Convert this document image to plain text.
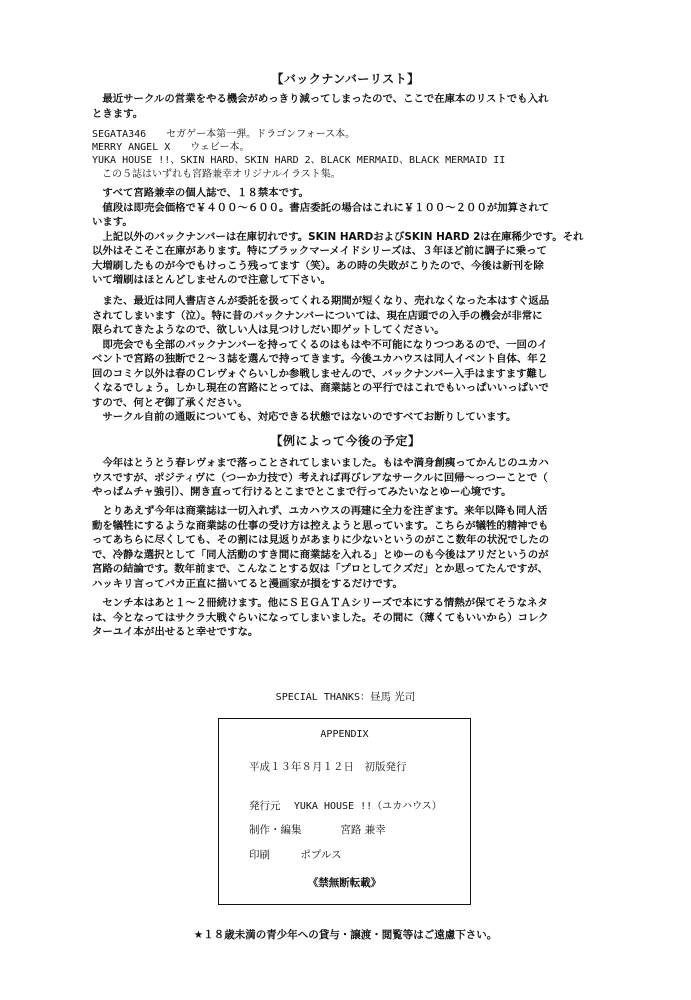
【バックナンバーリスト】
　最近サークルの営業をやる機会がめっきり減ってしまったので、ここで在庫本のリストでも入れ
ときます。
SEGATA346　　セガゲー本第一弾。ドラゴンフォース本。
MERRY ANGEL X　　ウェビー本。
YUKA HOUSE !!、SKIN HARD、SKIN HARD 2、BLACK MERMAID、BLACK MERMAID II
　この５誌はいずれも宮路兼幸オリジナルイラスト集。
　すべて宮路兼幸の個人誌で、１８禁本です。
　値段は即売会価格で￥４００～６００。書店委託の場合はこれに￥１００～２００が加算されて
います。
　上記以外のバックナンバーは在庫切れです。SKIN HARDおよびSKIN HARD 2は在庫稀少です。それ
以外はそこそこ在庫があります。特にブラックマーメイドシリーズは、３年ほど前に調子に乗って
大増刷したものが今でもけっこう残ってます（笑）。あの時の失敗がこりたので、今後は新刊を除
いて増刷はほとんどしませんので注意して下さい。
　また、最近は同人書店さんが委託を扱ってくれる期間が短くなり、売れなくなった本はすぐ返品
されてしまいます（泣）。特に昔のバックナンバーについては、現在店頭での入手の機会が非常に
限られてきたようなので、欲しい人は見つけしだい即ゲットしてください。
　即売会でも全部のバックナンバーを持ってくるのはもはや不可能になりつつあるので、一回のイ
ベントで宮路の独断で２～３誌を選んで持ってきます。今後ユカハウスは同人イベント自体、年２
回のコミケ以外は春のＣレヴォぐらいしか参戦しませんので、バックナンバー入手はますます難し
くなるでしょう。しかし現在の宮路にとっては、商業誌との平行ではこれでもいっぱいいっぱいで
すので、何とぞ御了承ください。
　サークル自前の通販についても、対応できる状態ではないのですべてお断りしています。
【例によって今後の予定】
　今年はとうとう春レヴォまで落っことされてしまいました。もはや満身創痍ってかんじのユカハ
ウスですが、ポジティヴに（つーか力技で）考えれば再びレアなサークルに回帰～っつーことで（
やっぱムチャ強引）、開き直って行けるとこまでとこまで行ってみたいなとゆー心境です。
　とりあえず今年は商業誌は一切入れず、ユカハウスの再建に全力を注ぎます。来年以降も同人活
動を犠牲にするような商業誌の仕事の受け方は控えようと思っています。こちらが犠牲的精神でも
ってあちらに尽くしても、その割には見返りがあまりに少ないというのがここ数年の状況でしたの
で、冷静な選択として「同人活動のすき間に商業誌を入れる」とゆーのも今後はアリだというのが
宮路の結論です。数年前まで、こんなことする奴は「プロとしてクズだ」とか思ってたんですが、
ハッキリ言ってバカ正直に描いてると漫画家が損をするだけです。
　センチ本はあと１～２冊続けます。他にＳＥＧＡＴＡシリーズで本にする情熱が保てそうなネタ
は、今となってはサクラ大戦ぐらいになってしまいました。その間に（薄くてもいいから）コレク
ターユイ本が出せると幸せですな。
SPECIAL THANKS：昼馬 光司
APPENDIX
平成１３年８月１２日　初版発行
発行元 YUKA HOUSE !!（ユカハウス）
制作・編集	宮路 兼幸
印刷	ポプルス
《禁無断転載》
★１８歳未満の青少年への貸与・譲渡・閲覧等はご遠慮下さい。
